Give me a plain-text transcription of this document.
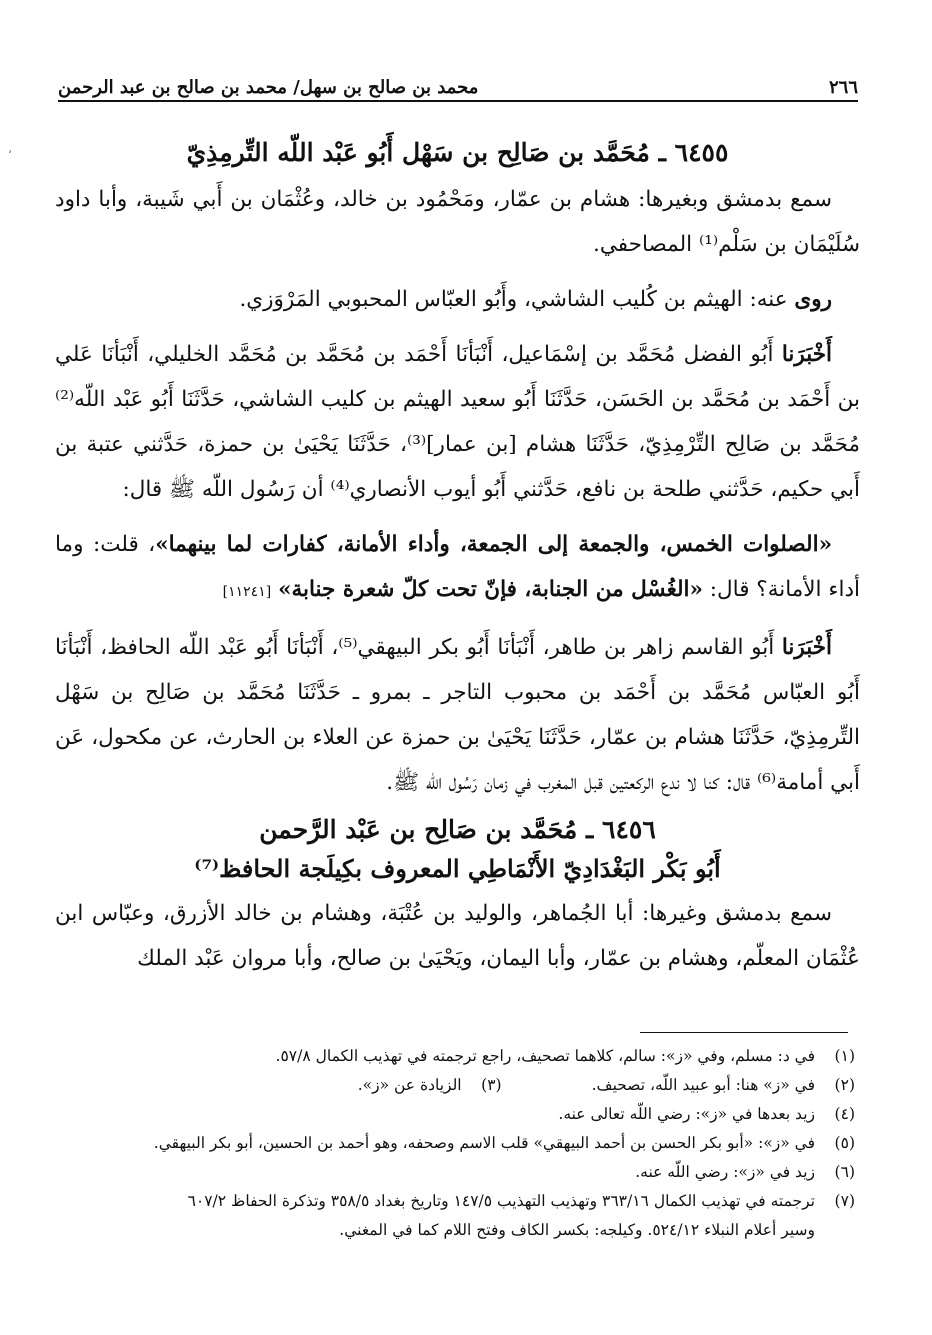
ʻ
٢٦٦
محمد بن صالح بن سهل/ محمد بن صالح بن عبد الرحمن
٦٤٥٥ ـ مُحَمَّد بن صَالِح بن سَهْل أَبُو عَبْد اللّه التِّرمِذِيّ

سمع بدمشق وبغيرها: هشام بن عمّار، ومَحْمُود بن خالد، وعُثْمَان بن أَبي شَيبة، وأبا داود سُلَيْمَان بن سَلْم⁽¹⁾ المصاحفي.

روى عنه: الهيثم بن كُليب الشاشي، وأَبُو العبّاس المحبوبي المَرْوَزي.

أَخْبَرَنا أَبُو الفضل مُحَمَّد بن إسْمَاعيل، أَنْبَأنَا أَحْمَد بن مُحَمَّد بن مُحَمَّد الخليلي، أَنْبَأنَا عَلي بن أَحْمَد بن مُحَمَّد بن الحَسَن، حَدَّثَنَا أَبُو سعيد الهيثم بن كليب الشاشي، حَدَّثَنَا أَبُو عَبْد اللّه⁽²⁾ مُحَمَّد بن صَالِح التِّرْمِذِيّ، حَدَّثَنَا هشام [بن عمار]⁽³⁾، حَدَّثَنَا يَحْيَىٰ بن حمزة، حَدَّثني عتبة بن أَبي حكيم، حَدَّثني طلحة بن نافع، حَدَّثني أَبُو أيوب الأنصاري⁽⁴⁾ أن رَسُول اللّه ﷺ قال:

«الصلوات الخمس، والجمعة إلى الجمعة، وأداء الأمانة، كفارات لما بينهما»، قلت: وما أداء الأمانة؟ قال: «الغُسْل من الجنابة، فإنّ تحت كلّ شعرة جنابة» [١١٢٤١]

أَخْبَرَنا أَبُو القاسم زاهر بن طاهر، أَنْبَأنَا أَبُو بكر البيهقي⁽⁵⁾، أَنْبَأنَا أَبُو عَبْد اللّه الحافظ، أَنْبَأنَا أَبُو العبّاس مُحَمَّد بن أَحْمَد بن محبوب التاجر ـ بمرو ـ حَدَّثَنَا مُحَمَّد بن صَالِح بن سَهْل التِّرمِذِيّ، حَدَّثَنَا هشام بن عمّار، حَدَّثَنَا يَحْيَىٰ بن حمزة عن العلاء بن الحارث، عن مكحول، عَن أَبي أمامة⁽⁶⁾ قال: كنا لا ندع الركعتين قبل المغرب في زمان رَسُول اللّه ﷺ.

٦٤٥٦ ـ مُحَمَّد بن صَالِح بن عَبْد الرَّحمن
أَبُو بَكْر البَغْدَادِيّ الأَنْمَاطِي المعروف بكِيلَجة الحافظ⁽⁷⁾

سمع بدمشق وغيرها: أبا الجُماهر، والوليد بن عُتْبَة، وهشام بن خالد الأزرق، وعبّاس ابن عُثْمَان المعلّم، وهشام بن عمّار، وأبا اليمان، ويَحْيَىٰ بن صالح، وأبا مروان عَبْد الملك

(١)
في د: مسلم، وفي «ز»: سالم، كلاهما تصحيف، راجع ترجمته في تهذيب الكمال ٥٧/٨.
(٢)
في «ز» هنا: أبو عبيد اللّه، تصحيف.
(٣)
الزيادة عن «ز».
(٤)
زيد بعدها في «ز»: رضي اللّه تعالى عنه.
(٥)
في «ز»: «أبو بكر الحسن بن أحمد البيهقي» قلب الاسم وصحفه، وهو أحمد بن الحسين، أبو بكر البيهقي.
(٦)
زيد في «ز»: رضي اللّه عنه.
(٧)
ترجمته في تهذيب الكمال ٣٦٣/١٦ وتهذيب التهذيب ١٤٧/٥ وتاريخ بغداد ٣٥٨/٥ وتذكرة الحفاظ ٦٠٧/٢
وسير أعلام النبلاء ٥٢٤/١٢. وكيلجه: بكسر الكاف وفتح اللام كما في المغني.
